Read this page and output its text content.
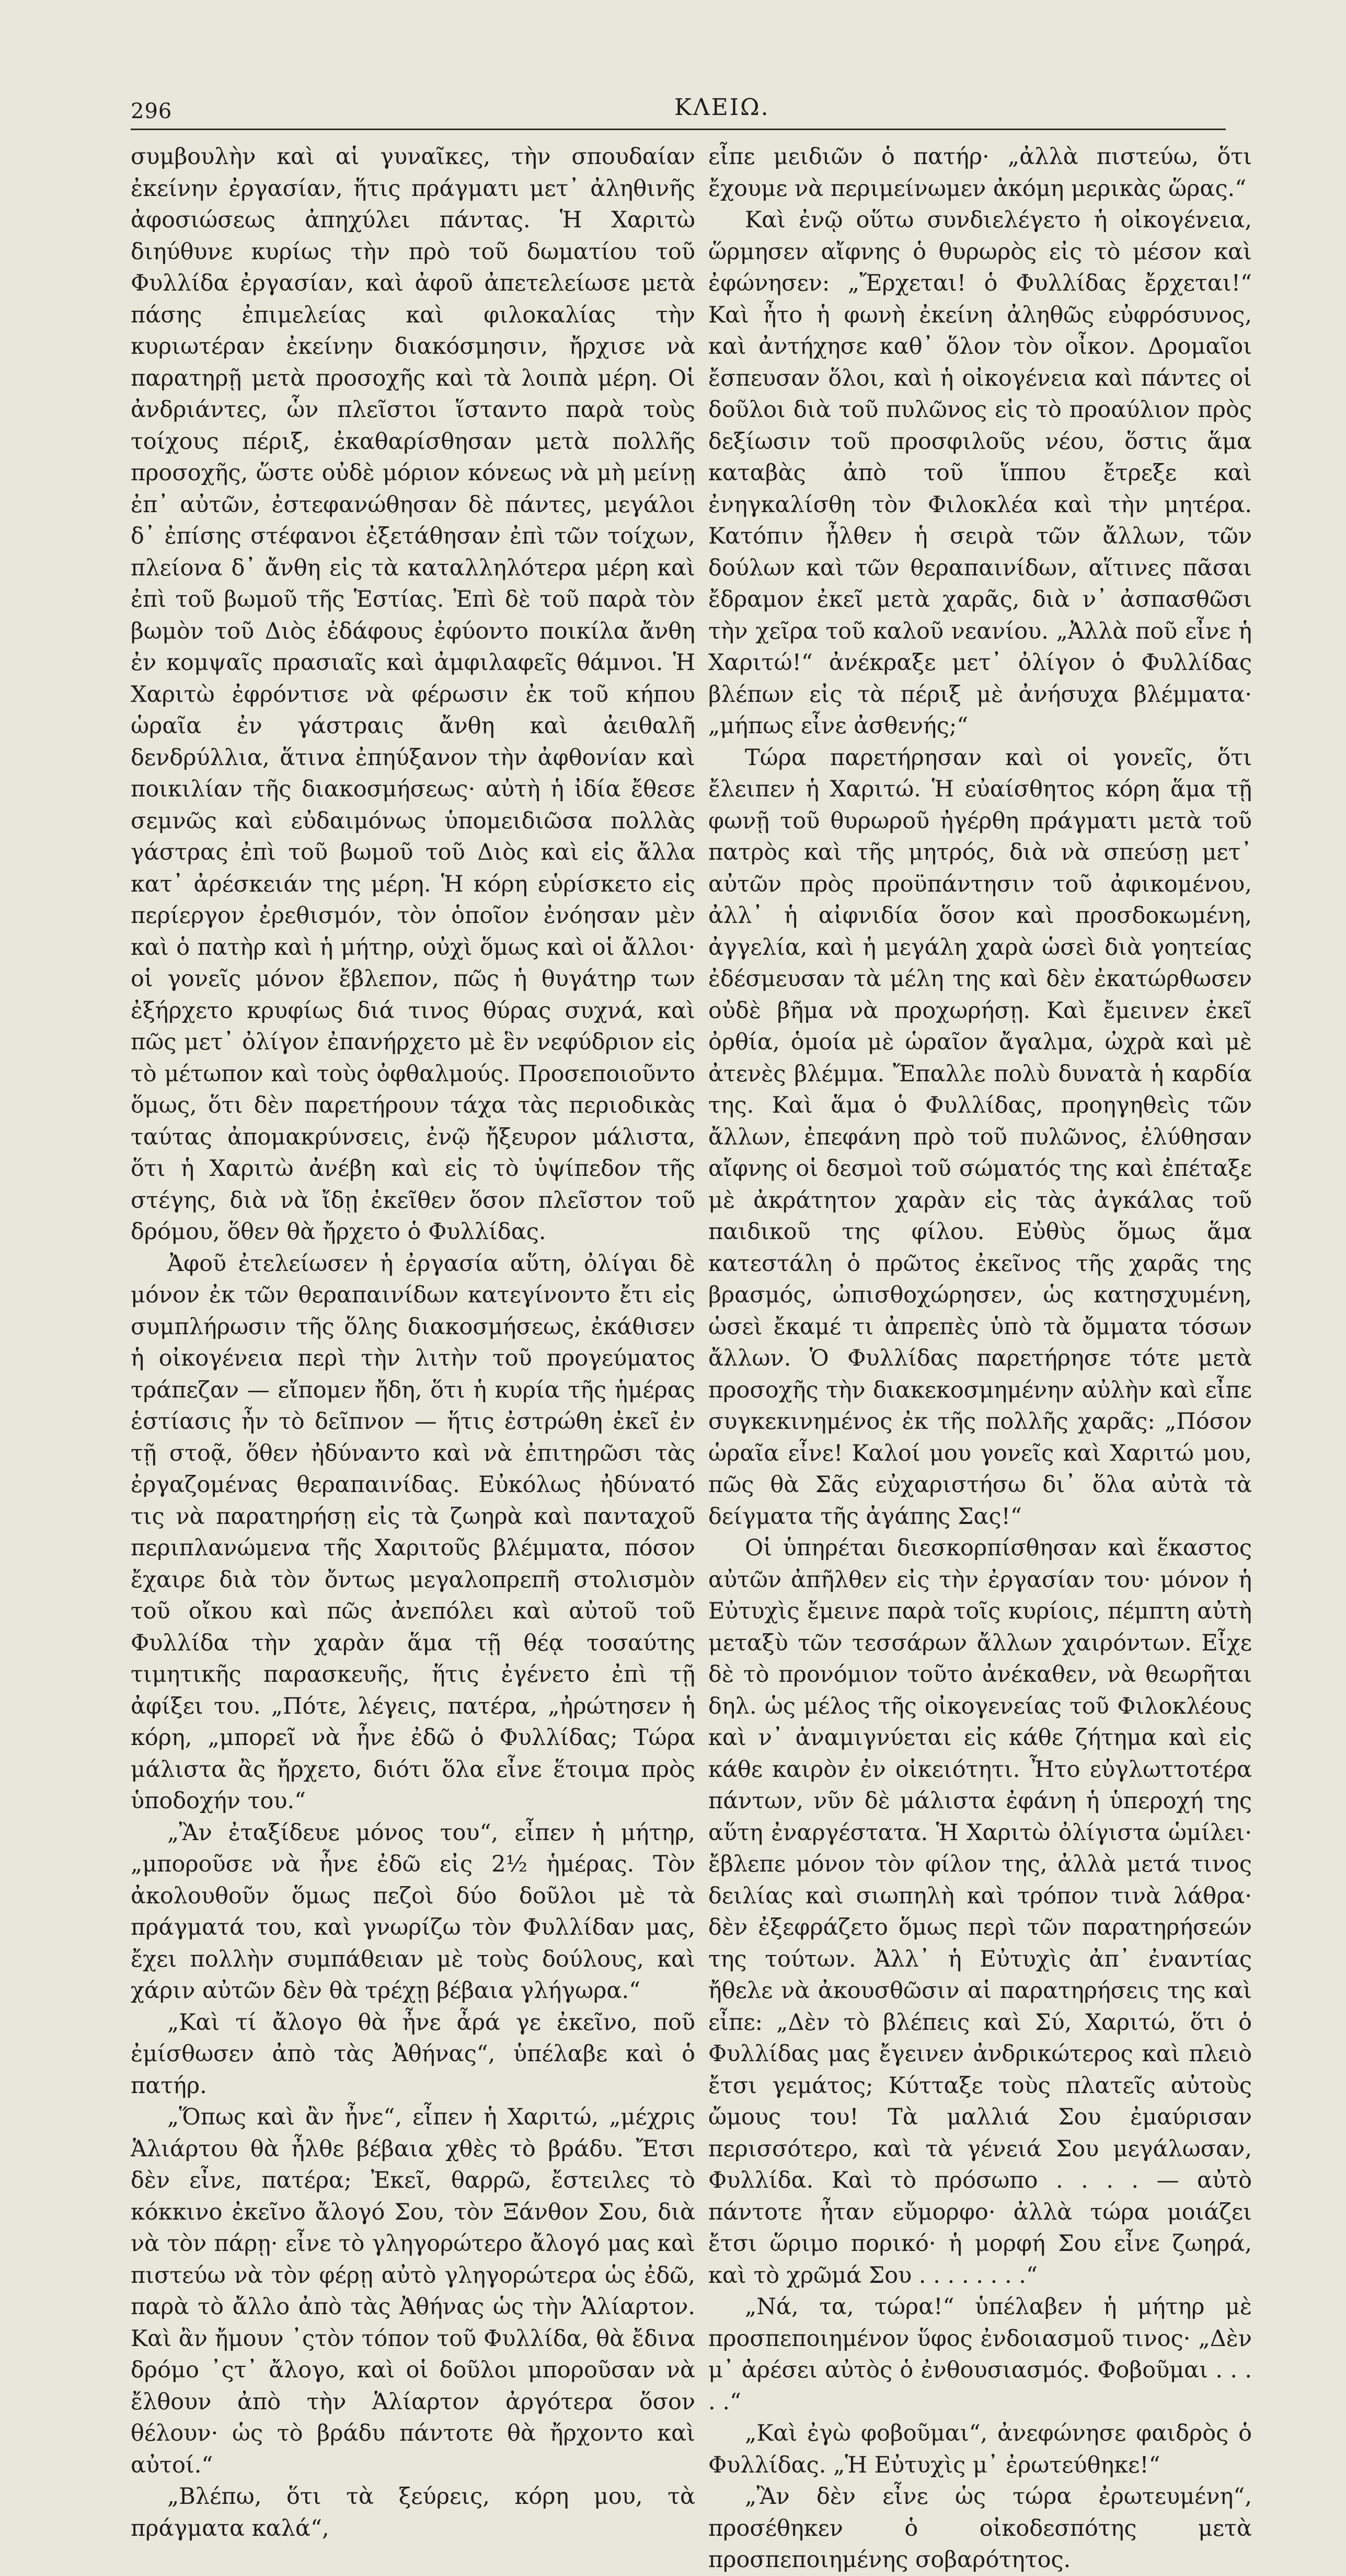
296	ΚΛΕΙΩ.

συμβουλὴν καὶ αἱ γυναῖκες, τὴν σπουδαίαν ἐκείνην ἐργασίαν, ἥτις πράγματι μετ᾽ ἀληθινῆς ἀφοσιώσεως ἀπηχύλει πάντας. Ἡ Χαριτὼ διηύθυνε κυρίως τὴν πρὸ τοῦ δωματίου τοῦ Φυλλίδα ἐργασίαν, καὶ ἀφοῦ ἀπετελείωσε μετὰ πάσης ἐπιμελείας καὶ φιλοκαλίας τὴν κυριωτέραν ἐκείνην διακόσμησιν, ἤρχισε νὰ παρατηρῇ μετὰ προσοχῆς καὶ τὰ λοιπὰ μέρη. Οἱ ἀνδριάντες, ὧν πλεῖστοι ἵσταντο παρὰ τοὺς τοίχους πέριξ, ἐκαθαρίσθησαν μετὰ πολλῆς προσοχῆς, ὥστε οὐδὲ μόριον κόνεως νὰ μὴ μείνῃ ἐπ᾽ αὐτῶν, ἐστεφανώθησαν δὲ πάντες, μεγάλοι δ᾽ ἐπίσης στέφανοι ἐξετάθησαν ἐπὶ τῶν τοίχων, πλείονα δ᾽ ἄνθη εἰς τὰ καταλληλότερα μέρη καὶ ἐπὶ τοῦ βωμοῦ τῆς Ἑστίας. Ἐπὶ δὲ τοῦ παρὰ τὸν βωμὸν τοῦ Διὸς ἐδάφους ἐφύοντο ποικίλα ἄνθη ἐν κομψαῖς πρασιαῖς καὶ ἀμφιλαφεῖς θάμνοι. Ἡ Χαριτὼ ἐφρόντισε νὰ φέρωσιν ἐκ τοῦ κήπου ὡραῖα ἐν γάστραις ἄνθη καὶ ἀειθαλῆ δενδρύλλια, ἅτινα ἐπηύξανον τὴν ἀφθονίαν καὶ ποικιλίαν τῆς διακοσμήσεως· αὐτὴ ἡ ἰδία ἔθεσε σεμνῶς καὶ εὐδαιμόνως ὑπομειδιῶσα πολλὰς γάστρας ἐπὶ τοῦ βωμοῦ τοῦ Διὸς καὶ εἰς ἄλλα κατ᾽ ἀρέσκειάν της μέρη. Ἡ κόρη εὑρίσκετο εἰς περίεργον ἐρεθισμόν, τὸν ὁποῖον ἐνόησαν μὲν καὶ ὁ πατὴρ καὶ ἡ μήτηρ, οὐχὶ ὅμως καὶ οἱ ἄλλοι· οἱ γονεῖς μόνον ἔβλεπον, πῶς ἡ θυγάτηρ των ἐξήρχετο κρυφίως διά τινος θύρας συχνά, καὶ πῶς μετ᾽ ὀλίγον ἐπανήρχετο μὲ ἓν νεφύδριον εἰς τὸ μέτωπον καὶ τοὺς ὀφθαλμούς. Προσεποιοῦντο ὅμως, ὅτι δὲν παρετήρουν τάχα τὰς περιοδικὰς ταύτας ἀπομακρύνσεις, ἐνῷ ἤξευρον μάλιστα, ὅτι ἡ Χαριτὼ ἀνέβη καὶ εἰς τὸ ὑψίπεδον τῆς στέγης, διὰ νὰ ἴδῃ ἐκεῖθεν ὅσον πλεῖστον τοῦ δρόμου, ὅθεν θὰ ἤρχετο ὁ Φυλλίδας.

Ἀφοῦ ἐτελείωσεν ἡ ἐργασία αὕτη, ὀλίγαι δὲ μόνον ἐκ τῶν θεραπαινίδων κατεγίνοντο ἔτι εἰς συμπλήρωσιν τῆς ὅλης διακοσμήσεως, ἐκάθισεν ἡ οἰκογένεια περὶ τὴν λιτὴν τοῦ προγεύματος τράπεζαν — εἴπομεν ἤδη, ὅτι ἡ κυρία τῆς ἡμέρας ἑστίασις ἦν τὸ δεῖπνον — ἥτις ἐστρώθη ἐκεῖ ἐν τῇ στοᾷ, ὅθεν ἠδύναντο καὶ νὰ ἐπιτηρῶσι τὰς ἐργαζομένας θεραπαινίδας. Εὐκόλως ἠδύνατό τις νὰ παρατηρήσῃ εἰς τὰ ζωηρὰ καὶ πανταχοῦ περιπλανώμενα τῆς Χαριτοῦς βλέμματα, πόσον ἔχαιρε διὰ τὸν ὄντως μεγαλοπρεπῆ στολισμὸν τοῦ οἴκου καὶ πῶς ἀνεπόλει καὶ αὐτοῦ τοῦ Φυλλίδα τὴν χαρὰν ἅμα τῇ θέᾳ τοσαύτης τιμητικῆς παρασκευῆς, ἥτις ἐγένετο ἐπὶ τῇ ἀφίξει του. „Πότε, λέγεις, πατέρα, „ἠρώτησεν ἡ κόρη, „μπορεῖ νὰ ἦνε ἐδῶ ὁ Φυλλίδας; Τώρα μάλιστα ἂς ἤρχετο, διότι ὅλα εἶνε ἕτοιμα πρὸς ὑποδοχήν του.“

„Ἂν ἐταξίδευε μόνος του“, εἶπεν ἡ μήτηρ, „μποροῦσε νὰ ἦνε ἐδῶ εἰς 2½ ἡμέρας. Τὸν ἀκολουθοῦν ὅμως πεζοὶ δύο δοῦλοι μὲ τὰ πράγματά του, καὶ γνωρίζω τὸν Φυλλίδαν μας, ἔχει πολλὴν συμπάθειαν μὲ τοὺς δούλους, καὶ χάριν αὐτῶν δὲν θὰ τρέχῃ βέβαια γλήγωρα.“

„Καὶ τί ἄλογο θὰ ἦνε ἆρά γε ἐκεῖνο, ποῦ ἐμίσθωσεν ἀπὸ τὰς Ἀθήνας“, ὑπέλαβε καὶ ὁ πατήρ.

„Ὅπως καὶ ἂν ἦνε“, εἶπεν ἡ Χαριτώ, „μέχρις Ἁλιάρτου θὰ ἦλθε βέβαια χθὲς τὸ βράδυ. Ἔτσι δὲν εἶνε, πατέρα; Ἐκεῖ, θαρρῶ, ἔστειλες τὸ κόκκινο ἐκεῖνο ἄλογό Σου, τὸν Ξάνθον Σου, διὰ νὰ τὸν πάρῃ· εἶνε τὸ γληγορώτερο ἄλογό μας καὶ πιστεύω νὰ τὸν φέρῃ αὐτὸ γληγορώτερα ὡς ἐδῶ, παρὰ τὸ ἄλλο ἀπὸ τὰς Ἀθήνας ὡς τὴν Ἁλίαρτον. Καὶ ἂν ἤμουν ᾽ςτὸν τόπον τοῦ Φυλλίδα, θὰ ἔδινα δρόμο ᾽ςτ᾽ ἄλογο, καὶ οἱ δοῦλοι μποροῦσαν νὰ ἔλθουν ἀπὸ τὴν Ἁλίαρτον ἀργότερα ὅσον θέλουν· ὡς τὸ βράδυ πάντοτε θὰ ἤρχοντο καὶ αὐτοί.“

„Βλέπω, ὅτι τὰ ξεύρεις, κόρη μου, τὰ πράγματα καλά“,

εἶπε μειδιῶν ὁ πατήρ· „ἀλλὰ πιστεύω, ὅτι ἔχουμε νὰ περιμείνωμεν ἀκόμη μερικὰς ὥρας.“

Καὶ ἐνῷ οὕτω συνδιελέγετο ἡ οἰκογένεια, ὥρμησεν αἴφνης ὁ θυρωρὸς εἰς τὸ μέσον καὶ ἐφώνησεν: „Ἔρχεται! ὁ Φυλλίδας ἔρχεται!“ Καὶ ἦτο ἡ φωνὴ ἐκείνη ἀληθῶς εὐφρόσυνος, καὶ ἀντήχησε καθ᾽ ὅλον τὸν οἶκον. Δρομαῖοι ἔσπευσαν ὅλοι, καὶ ἡ οἰκογένεια καὶ πάντες οἱ δοῦλοι διὰ τοῦ πυλῶνος εἰς τὸ προαύλιον πρὸς δεξίωσιν τοῦ προσφιλοῦς νέου, ὅστις ἅμα καταβὰς ἀπὸ τοῦ ἵππου ἔτρεξε καὶ ἐνηγκαλίσθη τὸν Φιλοκλέα καὶ τὴν μητέρα. Κατόπιν ἦλθεν ἡ σειρὰ τῶν ἄλλων, τῶν δούλων καὶ τῶν θεραπαινίδων, αἵτινες πᾶσαι ἔδραμον ἐκεῖ μετὰ χαρᾶς, διὰ ν᾽ ἀσπασθῶσι τὴν χεῖρα τοῦ καλοῦ νεανίου. „Ἀλλὰ ποῦ εἶνε ἡ Χαριτώ!“ ἀνέκραξε μετ᾽ ὀλίγον ὁ Φυλλίδας βλέπων εἰς τὰ πέριξ μὲ ἀνήσυχα βλέμματα· „μήπως εἶνε ἀσθενής;“

Τώρα παρετήρησαν καὶ οἱ γονεῖς, ὅτι ἔλειπεν ἡ Χαριτώ. Ἡ εὐαίσθητος κόρη ἅμα τῇ φωνῇ τοῦ θυρωροῦ ἠγέρθη πράγματι μετὰ τοῦ πατρὸς καὶ τῆς μητρός, διὰ νὰ σπεύσῃ μετ᾽ αὐτῶν πρὸς προϋπάντησιν τοῦ ἀφικομένου, ἀλλ᾽ ἡ αἰφνιδία ὅσον καὶ προσδοκωμένη, ἀγγελία, καὶ ἡ μεγάλη χαρὰ ὡσεὶ διὰ γοητείας ἐδέσμευσαν τὰ μέλη της καὶ δὲν ἐκατώρθωσεν οὐδὲ βῆμα νὰ προχωρήσῃ. Καὶ ἔμεινεν ἐκεῖ ὀρθία, ὁμοία μὲ ὡραῖον ἄγαλμα, ὠχρὰ καὶ μὲ ἀτενὲς βλέμμα. Ἔπαλλε πολὺ δυνατὰ ἡ καρδία της. Καὶ ἅμα ὁ Φυλλίδας, προηγηθεὶς τῶν ἄλλων, ἐπεφάνη πρὸ τοῦ πυλῶνος, ἐλύθησαν αἴφνης οἱ δεσμοὶ τοῦ σώματός της καὶ ἐπέταξε μὲ ἀκράτητον χαρὰν εἰς τὰς ἀγκάλας τοῦ παιδικοῦ της φίλου. Εὐθὺς ὅμως ἅμα κατεστάλη ὁ πρῶτος ἐκεῖνος τῆς χαρᾶς της βρασμός, ὠπισθοχώρησεν, ὡς κατησχυμένη, ὡσεὶ ἔκαμέ τι ἀπρεπὲς ὑπὸ τὰ ὄμματα τόσων ἄλλων. Ὁ Φυλλίδας παρετήρησε τότε μετὰ προσοχῆς τὴν διακεκοσμημένην αὐλὴν καὶ εἶπε συγκεκινημένος ἐκ τῆς πολλῆς χαρᾶς: „Πόσον ὡραῖα εἶνε! Καλοί μου γονεῖς καὶ Χαριτώ μου, πῶς θὰ Σᾶς εὐχαριστήσω δι᾽ ὅλα αὐτὰ τὰ δείγματα τῆς ἀγάπης Σας!“

Οἱ ὑπηρέται διεσκορπίσθησαν καὶ ἕκαστος αὐτῶν ἀπῆλθεν εἰς τὴν ἐργασίαν του· μόνον ἡ Εὐτυχὶς ἔμεινε παρὰ τοῖς κυρίοις, πέμπτη αὐτὴ μεταξὺ τῶν τεσσάρων ἄλλων χαιρόντων. Εἶχε δὲ τὸ προνόμιον τοῦτο ἀνέκαθεν, νὰ θεωρῆται δηλ. ὡς μέλος τῆς οἰκογενείας τοῦ Φιλοκλέους καὶ ν᾽ ἀναμιγνύεται εἰς κάθε ζήτημα καὶ εἰς κάθε καιρὸν ἐν οἰκειότητι. Ἦτο εὐγλωττοτέρα πάντων, νῦν δὲ μάλιστα ἐφάνη ἡ ὑπεροχή της αὕτη ἐναργέστατα. Ἡ Χαριτὼ ὀλίγιστα ὡμίλει· ἔβλεπε μόνον τὸν φίλον της, ἀλλὰ μετά τινος δειλίας καὶ σιωπηλὴ καὶ τρόπον τινὰ λάθρα· δὲν ἐξεφράζετο ὅμως περὶ τῶν παρατηρήσεών της τούτων. Ἀλλ᾽ ἡ Εὐτυχὶς ἀπ᾽ ἐναντίας ἤθελε νὰ ἀκουσθῶσιν αἱ παρατηρήσεις της καὶ εἶπε: „Δὲν τὸ βλέπεις καὶ Σύ, Χαριτώ, ὅτι ὁ Φυλλίδας μας ἔγεινεν ἀνδρικώτερος καὶ πλειὸ ἔτσι γεμάτος; Κύτταξε τοὺς πλατεῖς αὐτοὺς ὤμους του! Τὰ μαλλιά Σου ἐμαύρισαν περισσότερο, καὶ τὰ γένειά Σου μεγάλωσαν, Φυλλίδα. Καὶ τὸ πρόσωπο . . . . — αὐτὸ πάντοτε ἦταν εὔμορφο· ἀλλὰ τώρα μοιάζει ἔτσι ὥριμο πορικό· ἡ μορφή Σου εἶνε ζωηρά, καὶ τὸ χρῶμά Σου . . . . . . . .“

„Νά, τα, τώρα!“ ὑπέλαβεν ἡ μήτηρ μὲ προσπεποιημένον ὕφος ἐνδοιασμοῦ τινος· „Δὲν μ᾽ ἀρέσει αὐτὸς ὁ ἐνθουσιασμός. Φοβοῦμαι . . . . .“

„Καὶ ἐγὼ φοβοῦμαι“, ἀνεφώνησε φαιδρὸς ὁ Φυλλίδας. „Ἡ Εὐτυχὶς μ᾽ ἐρωτεύθηκε!“

„Ἂν δὲν εἶνε ὡς τώρα ἐρωτευμένη“, προσέθηκεν ὁ οἰκοδεσπότης μετὰ προσπεποιημένης σοβαρότητος.
